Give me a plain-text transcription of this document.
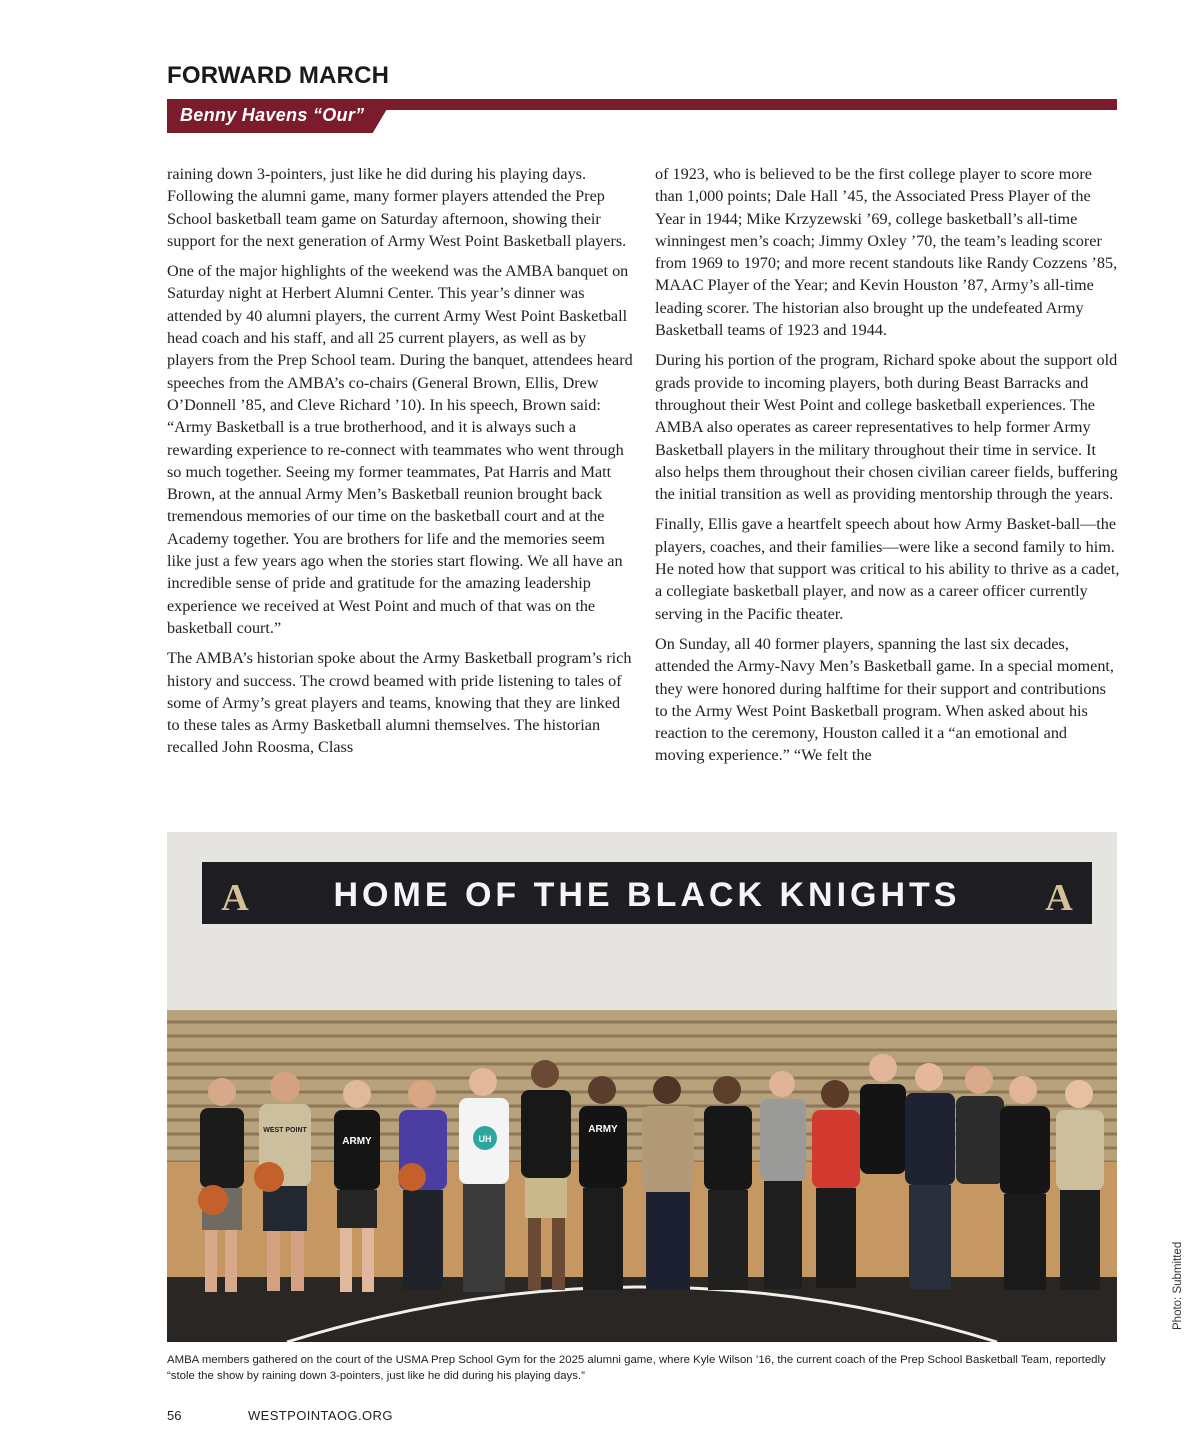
FORWARD MARCH
Benny Havens “Our”

raining down 3-pointers, just like he did during his playing days. Following the alumni game, many former players attended the Prep School basketball team game on Saturday afternoon, showing their support for the next generation of Army West Point Basketball players.

One of the major highlights of the weekend was the AMBA banquet on Saturday night at Herbert Alumni Center. This year’s dinner was attended by 40 alumni players, the current Army West Point Basketball head coach and his staff, and all 25 current players, as well as by players from the Prep School team. During the banquet, attendees heard speeches from the AMBA’s co-chairs (General Brown, Ellis, Drew O’Donnell ’85, and Cleve Richard ’10). In his speech, Brown said: “Army Basketball is a true brotherhood, and it is always such a rewarding experience to re-connect with teammates who went through so much together. Seeing my former teammates, Pat Harris and Matt Brown, at the annual Army Men’s Basketball reunion brought back tremendous memories of our time on the basketball court and at the Academy together. You are brothers for life and the memories seem like just a few years ago when the stories start flowing. We all have an incredible sense of pride and gratitude for the amazing leadership experience we received at West Point and much of that was on the basketball court.”

The AMBA’s historian spoke about the Army Basketball program’s rich history and success. The crowd beamed with pride listening to tales of some of Army’s great players and teams, knowing that they are linked to these tales as Army Basketball alumni themselves. The historian recalled John Roosma, Class

of 1923, who is believed to be the first college player to score more than 1,000 points; Dale Hall ’45, the Associated Press Player of the Year in 1944; Mike Krzyzewski ’69, college basketball’s all-time winningest men’s coach; Jimmy Oxley ’70, the team’s leading scorer from 1969 to 1970; and more recent standouts like Randy Cozzens ’85, MAAC Player of the Year; and Kevin Houston ’87, Army’s all-time leading scorer. The historian also brought up the undefeated Army Basketball teams of 1923 and 1944.

During his portion of the program, Richard spoke about the support old grads provide to incoming players, both during Beast Barracks and throughout their West Point and college basketball experiences. The AMBA also operates as career representatives to help former Army Basketball players in the military throughout their time in service. It also helps them throughout their chosen civilian career fields, buffering the initial transition as well as providing mentorship through the years.

Finally, Ellis gave a heartfelt speech about how Army Basket-ball—the players, coaches, and their families—were like a second family to him. He noted how that support was critical to his ability to thrive as a cadet, a collegiate basketball player, and now as a career officer currently serving in the Pacific theater.

On Sunday, all 40 former players, spanning the last six decades, attended the Army-Navy Men’s Basketball game. In a special moment, they were honored during halftime for their support and contributions to the Army West Point Basketball program. When asked about his reaction to the ceremony, Houston called it a “an emotional and moving experience.” “We felt the

HOME OF THE BLACK KNIGHTS
A	A
ARMY	UH
ARMY
WEST POINT
AMBA members gathered on the court of the USMA Prep School Gym for the 2025 alumni game, where Kyle Wilson ’16, the current coach of the Prep School Basketball Team, reportedly “stole the show by raining down 3-pointers, just like he did during his playing days.”
Photo: Submitted
56	WESTPOINTAOG.ORG
